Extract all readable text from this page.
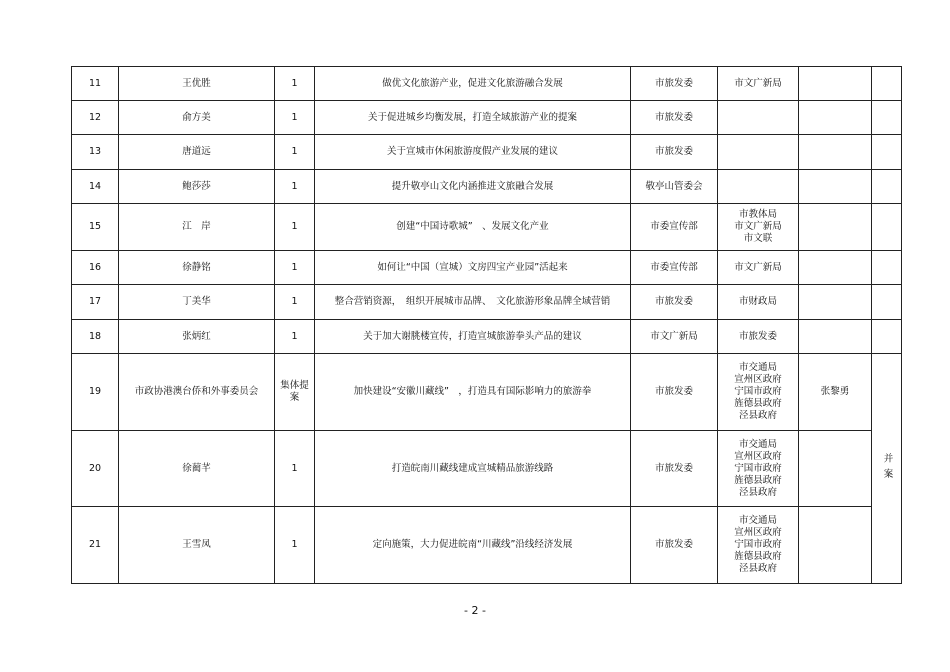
11	王优胜	1	做优文化旅游产业，促进文化旅游融合发展	市旅发委	市文广新局		

12	俞方美	1	关于促进城乡均衡发展，打造全域旅游产业的提案	市旅发委			
13	唐道远	1	关于宣城市休闲旅游度假产业发展的建议	市旅发委			
14	鲍莎莎	1	提升敬亭山文化内涵推进文旅融合发展	敬亭山管委会			
15	江　岸	1	创建“中国诗歌城”　、发展文化产业	市委宣传部	市教体局
市文广新局
市文联		

16	徐静铭	1	如何让“中国（宣城）文房四宝产业园”活起来	市委宣传部	市文广新局		

17	丁美华	1	整合营销资源，　组织开展城市品牌、　文化旅游形象品牌全域营销	市旅发委	市财政局		

18	张炳红	1	关于加大谢朓楼宣传，打造宣城旅游拳头产品的建议	市文广新局	市旅发委		

19	市政协港澳台侨和外事委员会	集体提案	加快建设“安徽川藏线”　，打造具有国际影响力的旅游拳	市旅发委	市交通局
宣州区政府
宁国市政府
旌德县政府
泾县政府	张黎勇	并案
20	徐蔺芊	1	打造皖南川藏线建成宣城精品旅游线路	市旅发委	市交通局
宣州区政府
宁国市政府
旌德县政府
泾县政府		

21	王雪凤	1	定向施策，大力促进皖南“川藏线”沿线经济发展	市旅发委	市交通局
宣州区政府
宁国市政府
旌德县政府
泾县政府		

- 2 -
